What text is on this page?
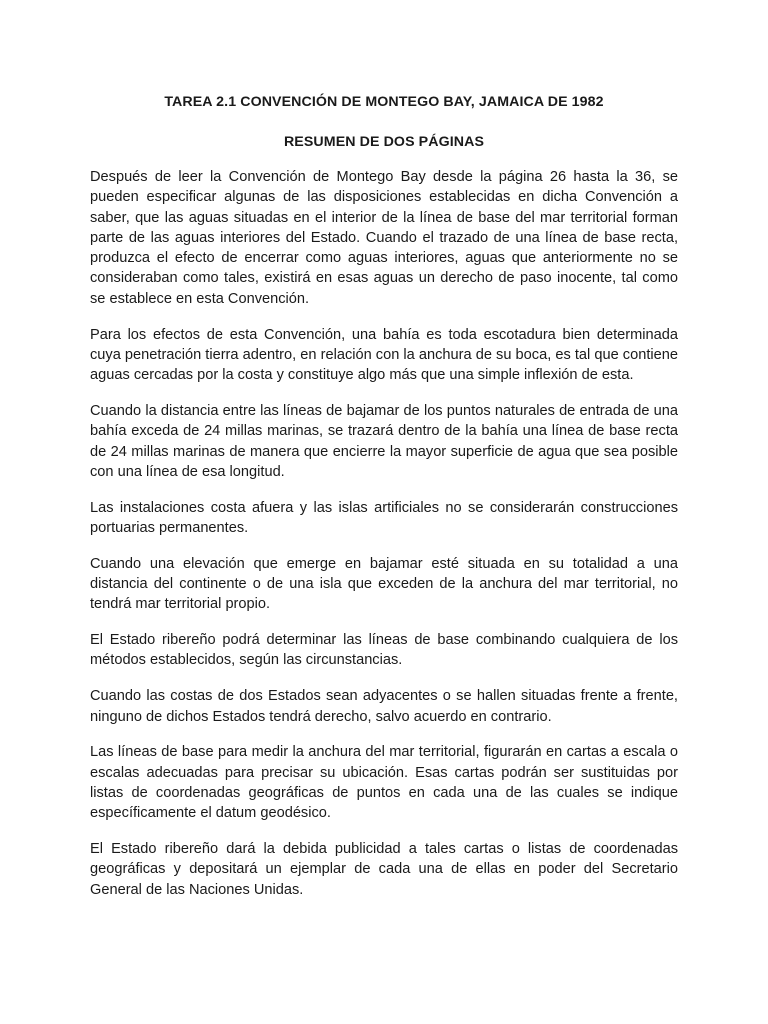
TAREA 2.1 CONVENCIÓN DE MONTEGO BAY, JAMAICA DE 1982
RESUMEN DE DOS PÁGINAS

Después de leer la Convención de Montego Bay desde la página 26 hasta la 36, se pueden especificar algunas de las disposiciones establecidas en dicha Convención a saber, que las aguas situadas en el interior de la línea de base del mar territorial forman parte de las aguas interiores del Estado. Cuando el trazado de una línea de base recta, produzca el efecto de encerrar como aguas interiores, aguas que anteriormente no se consideraban como tales, existirá en esas aguas un derecho de paso inocente, tal como se establece en esta Convención.

Para los efectos de esta Convención, una bahía es toda escotadura bien determinada cuya penetración tierra adentro, en relación con la anchura de su boca, es tal que contiene aguas cercadas por la costa y constituye algo más que una simple inflexión de esta.

Cuando la distancia entre las líneas de bajamar de los puntos naturales de entrada de una bahía exceda de 24 millas marinas, se trazará dentro de la bahía una línea de base recta de 24 millas marinas de manera que encierre la mayor superficie de agua que sea posible con una línea de esa longitud.

Las instalaciones costa afuera y las islas artificiales no se considerarán construcciones portuarias permanentes.

Cuando una elevación que emerge en bajamar esté situada en su totalidad a una distancia del continente o de una isla que exceden de la anchura del mar territorial, no tendrá mar territorial propio.

El Estado ribereño podrá determinar las líneas de base combinando cualquiera de los métodos establecidos, según las circunstancias.

Cuando las costas de dos Estados sean adyacentes o se hallen situadas frente a frente, ninguno de dichos Estados tendrá derecho, salvo acuerdo en contrario.

Las líneas de base para medir la anchura del mar territorial, figurarán en cartas a escala o escalas adecuadas para precisar su ubicación. Esas cartas podrán ser sustituidas por listas de coordenadas geográficas de puntos en cada una de las cuales se indique específicamente el datum geodésico.

El Estado ribereño dará la debida publicidad a tales cartas o listas de coordenadas geográficas y depositará un ejemplar de cada una de ellas en poder del Secretario General de las Naciones Unidas.
